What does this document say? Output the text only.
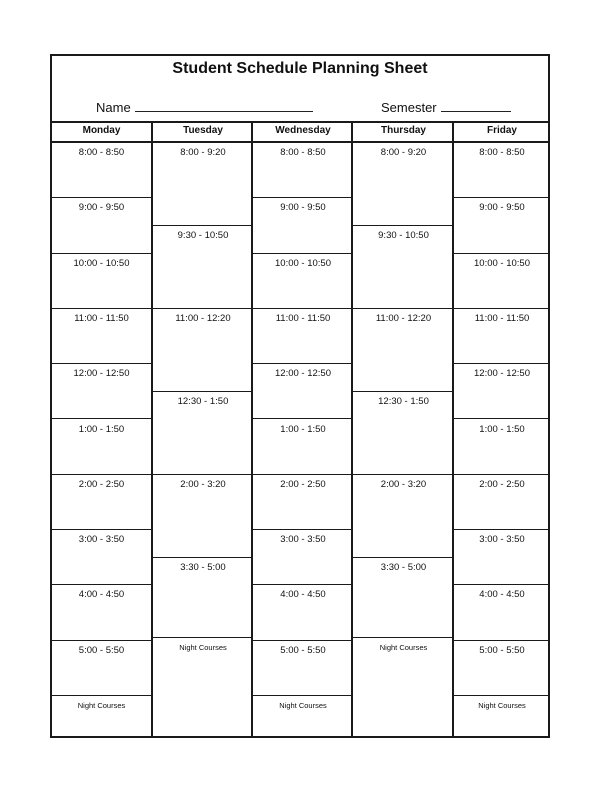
Student Schedule Planning Sheet
Name	Semester
Monday
8:00 - 8:50
9:00 - 9:50
10:00 - 10:50
11:00 - 11:50
12:00 - 12:50
1:00 - 1:50
2:00 - 2:50
3:00 - 3:50
4:00 - 4:50
5:00 - 5:50
Night Courses
Tuesday
8:00 - 9:20
9:30 - 10:50
11:00 - 12:20
12:30 - 1:50
2:00 - 3:20
3:30 - 5:00
Night Courses
Wednesday
8:00 - 8:50
9:00 - 9:50
10:00 - 10:50
11:00 - 11:50
12:00 - 12:50
1:00 - 1:50
2:00 - 2:50
3:00 - 3:50
4:00 - 4:50
5:00 - 5:50
Night Courses
Thursday
8:00 - 9:20
9:30 - 10:50
11:00 - 12:20
12:30 - 1:50
2:00 - 3:20
3:30 - 5:00
Night Courses
Friday
8:00 - 8:50
9:00 - 9:50
10:00 - 10:50
11:00 - 11:50
12:00 - 12:50
1:00 - 1:50
2:00 - 2:50
3:00 - 3:50
4:00 - 4:50
5:00 - 5:50
Night Courses
